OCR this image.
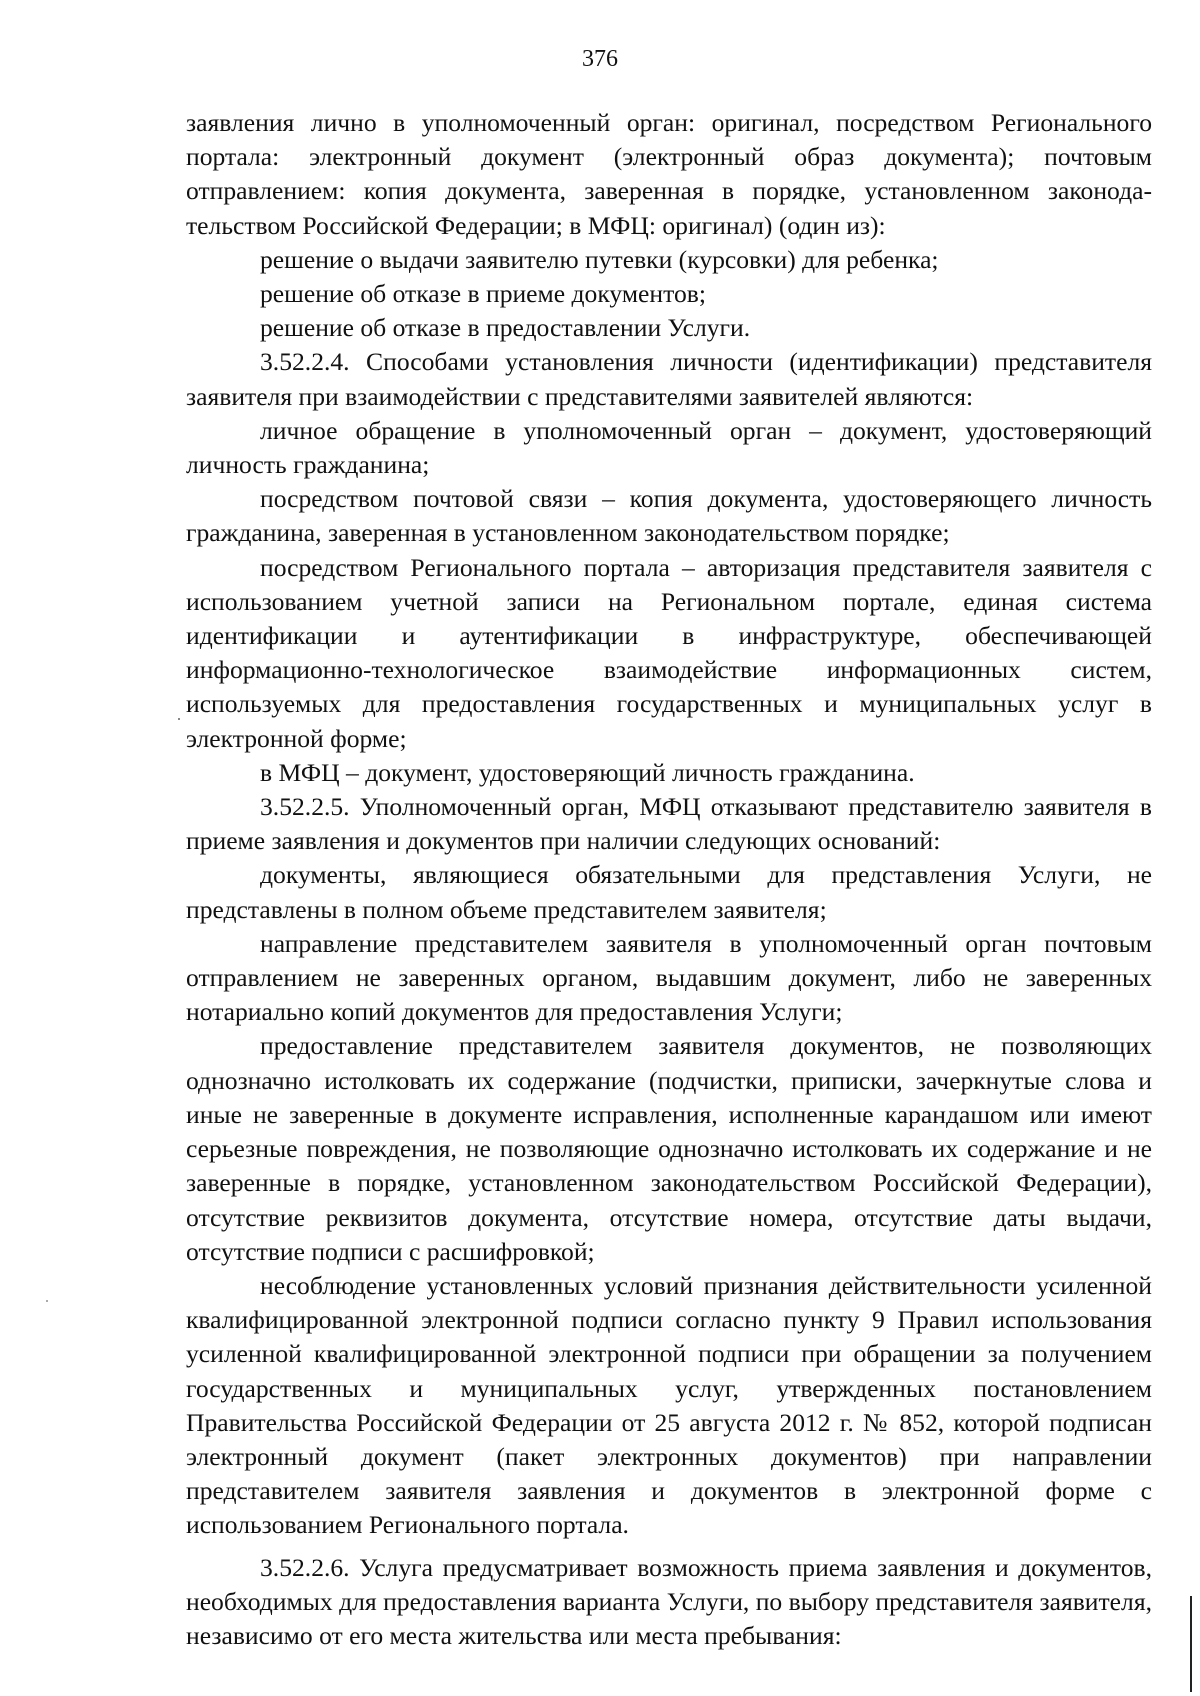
376

заявления лично в уполномоченный орган: оригинал, посредством Регионального портала: электронный документ (электронный образ документа); почтовым отправлением: копия документа, заверенная в порядке, установленном законодательством Российской Федерации; в МФЦ: оригинал) (один из):

решение о выдачи заявителю путевки (курсовки) для ребенка;

решение об отказе в приеме документов;

решение об отказе в предоставлении Услуги.

3.52.2.4. Способами установления личности (идентификации) представителя заявителя при взаимодействии с представителями заявителей являются:

личное обращение в уполномоченный орган – документ, удостоверяющий личность гражданина;

посредством почтовой связи – копия документа, удостоверяющего личность гражданина, заверенная в установленном законодательством порядке;

посредством Регионального портала – авторизация представителя заявителя с использованием учетной записи на Региональном портале, единая система идентификации и аутентификации в инфраструктуре, обеспечивающей информационно-технологическое взаимодействие информационных систем, используемых для предоставления государственных и муниципальных услуг в электронной форме;

в МФЦ – документ, удостоверяющий личность гражданина.

3.52.2.5. Уполномоченный орган, МФЦ отказывают представителю заявителя в приеме заявления и документов при наличии следующих оснований:

документы, являющиеся обязательными для представления Услуги, не представлены в полном объеме представителем заявителя;

направление представителем заявителя в уполномоченный орган почтовым отправлением не заверенных органом, выдавшим документ, либо не заверенных нотариально копий документов для предоставления Услуги;

предоставление представителем заявителя документов, не позволяющих однозначно истолковать их содержание (подчистки, приписки, зачеркнутые слова и иные не заверенные в документе исправления, исполненные карандашом или имеют серьезные повреждения, не позволяющие однозначно истолковать их содержание и не заверенные в порядке, установленном законодательством Российской Федерации), отсутствие реквизитов документа, отсутствие номера, отсутствие даты выдачи, отсутствие подписи с расшифровкой;

несоблюдение установленных условий признания действительности усиленной квалифицированной электронной подписи согласно пункту 9 Правил использования усиленной квалифицированной электронной подписи при обращении за получением государственных и муниципальных услуг, утвержденных постановлением Правительства Российской Федерации от 25 августа 2012 г. № 852, которой подписан электронный документ (пакет электронных документов) при направлении представителем заявителя заявления и документов в электронной форме с использованием Регионального портала.

3.52.2.6. Услуга предусматривает возможность приема заявления и документов, необходимых для предоставления варианта Услуги, по выбору представителя заявителя, независимо от его места жительства или места пребывания:
